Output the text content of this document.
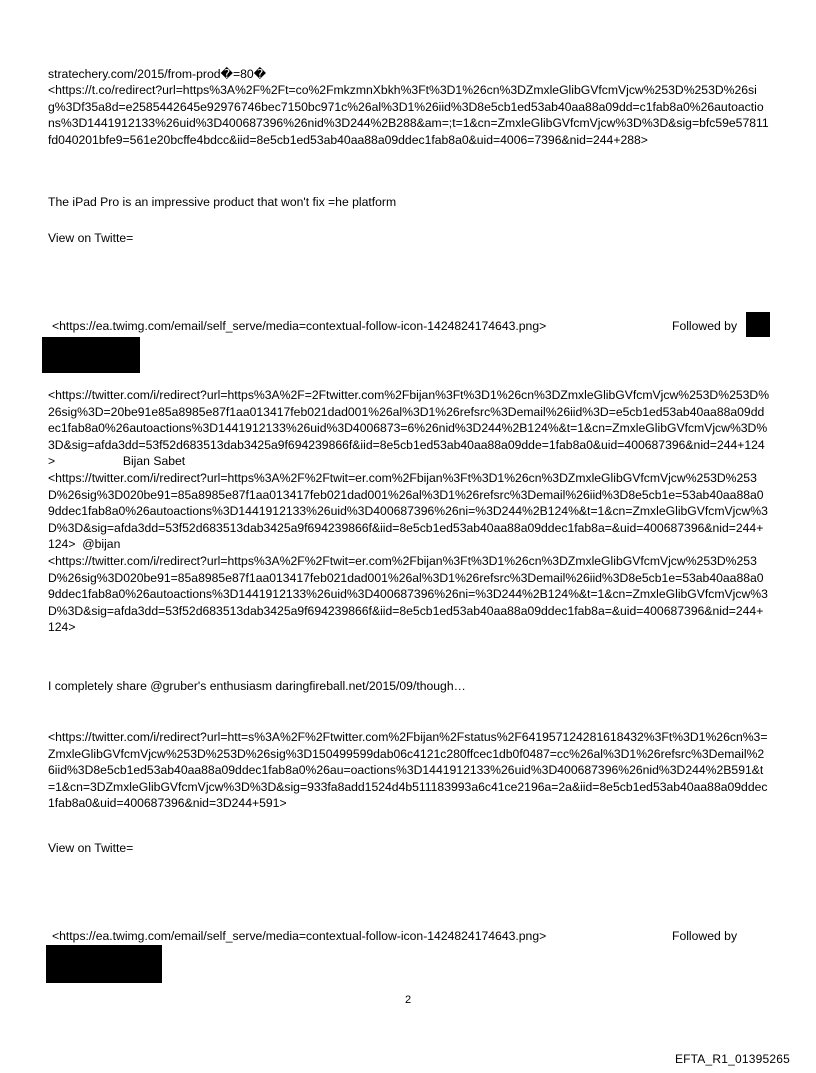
stratechery.com/2015/from-prod�=80�
<https://t.co/redirect?url=https%3A%2F%2Ft=co%2FmkzmnXbkh%3Ft%3D1%26cn%3DZmxleGlibGVfcmVjcw%253D%253D%26sig%3Df35a8d=e2585442645e92976746bec7150bc971c%26al%3D1%26iid%3D8e5cb1ed53ab40aa88a09dd=c1fab8a0%26autoactions%3D1441912133%26uid%3D400687396%26nid%3D244%2B288&am=;t=1&cn=ZmxleGlibGVfcmVjcw%3D%3D&sig=bfc59e57811fd040201bfe9=561e20bcffe4bdcc&iid=8e5cb1ed53ab40aa88a09ddec1fab8a0&uid=4006=7396&nid=244+288>
The iPad Pro is an impressive product that won't fix =he platform
View on Twitte=
<https://ea.twimg.com/email/self_serve/media=contextual-follow-icon-1424824174643.png>	Followed by
<https://twitter.com/i/redirect?url=https%3A%2F=2Ftwitter.com%2Fbijan%3Ft%3D1%26cn%3DZmxleGlibGVfcmVjcw%253D%253D%26sig%3D=20be91e85a8985e87f1aa013417feb021dad001%26al%3D1%26refsrc%3Demail%26iid%3D=e5cb1ed53ab40aa88a09ddec1fab8a0%26autoactions%3D1441912133%26uid%3D4006873=6%26nid%3D244%2B124%&t=1&cn=ZmxleGlibGVfcmVjcw%3D%3D&sig=afda3dd=53f52d683513dab3425a9f694239866f&iid=8e5cb1ed53ab40aa88a09dde=1fab8a0&uid=400687396&nid=244+124>                    Bijan Sabet
<https://twitter.com/i/redirect?url=https%3A%2F%2Ftwit=er.com%2Fbijan%3Ft%3D1%26cn%3DZmxleGlibGVfcmVjcw%253D%253D%26sig%3D020be91=85a8985e87f1aa013417feb021dad001%26al%3D1%26refsrc%3Demail%26iid%3D8e5cb1e=53ab40aa88a09ddec1fab8a0%26autoactions%3D1441912133%26uid%3D400687396%26ni=%3D244%2B124%&t=1&cn=ZmxleGlibGVfcmVjcw%3D%3D&sig=afda3dd=53f52d683513dab3425a9f694239866f&iid=8e5cb1ed53ab40aa88a09ddec1fab8a=&uid=400687396&nid=244+124>  @bijan
<https://twitter.com/i/redirect?url=https%3A%2F%2Ftwit=er.com%2Fbijan%3Ft%3D1%26cn%3DZmxleGlibGVfcmVjcw%253D%253D%26sig%3D020be91=85a8985e87f1aa013417feb021dad001%26al%3D1%26refsrc%3Demail%26iid%3D8e5cb1e=53ab40aa88a09ddec1fab8a0%26autoactions%3D1441912133%26uid%3D400687396%26ni=%3D244%2B124%&t=1&cn=ZmxleGlibGVfcmVjcw%3D%3D&sig=afda3dd=53f52d683513dab3425a9f694239866f&iid=8e5cb1ed53ab40aa88a09ddec1fab8a=&uid=400687396&nid=244+124>
I completely share @gruber's enthusiasm daringfireball.net/2015/09/though…
<https://twitter.com/i/redirect?url=htt=s%3A%2F%2Ftwitter.com%2Fbijan%2Fstatus%2F641957124281618432%3Ft%3D1%26cn%3=ZmxleGlibGVfcmVjcw%253D%253D%26sig%3D150499599dab06c4121c280ffcec1db0f0487=cc%26al%3D1%26refsrc%3Demail%26iid%3D8e5cb1ed53ab40aa88a09ddec1fab8a0%26au=oactions%3D1441912133%26uid%3D400687396%26nid%3D244%2B591&t=1&cn=3DZmxleGlibGVfcmVjcw%3D%3D&sig=933fa8add1524d4b511183993a6c41ce2196a=2a&iid=8e5cb1ed53ab40aa88a09ddec1fab8a0&uid=400687396&nid=3D244+591>
View on Twitte=
<https://ea.twimg.com/email/self_serve/media=contextual-follow-icon-1424824174643.png>	Followed by
2
EFTA_R1_01395265
